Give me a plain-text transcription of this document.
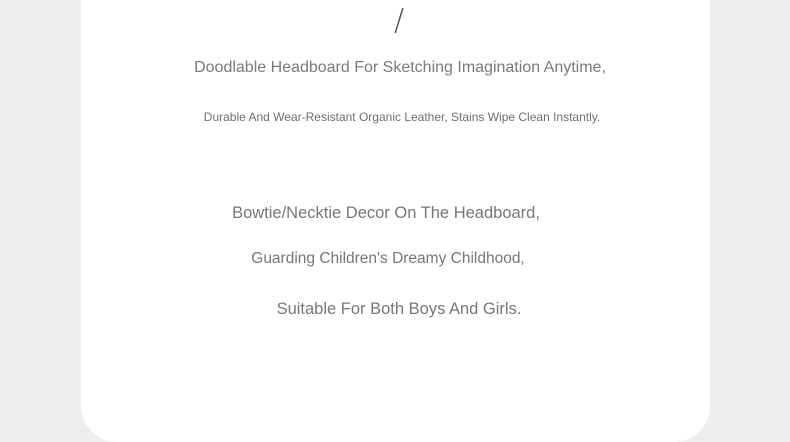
/
Doodlable Headboard For Sketching Imagination Anytime,
Durable And Wear-Resistant Organic Leather, Stains Wipe Clean Instantly.
Bowtie/Necktie Decor On The Headboard,
Guarding Children's Dreamy Childhood,
Suitable For Both Boys And Girls.
